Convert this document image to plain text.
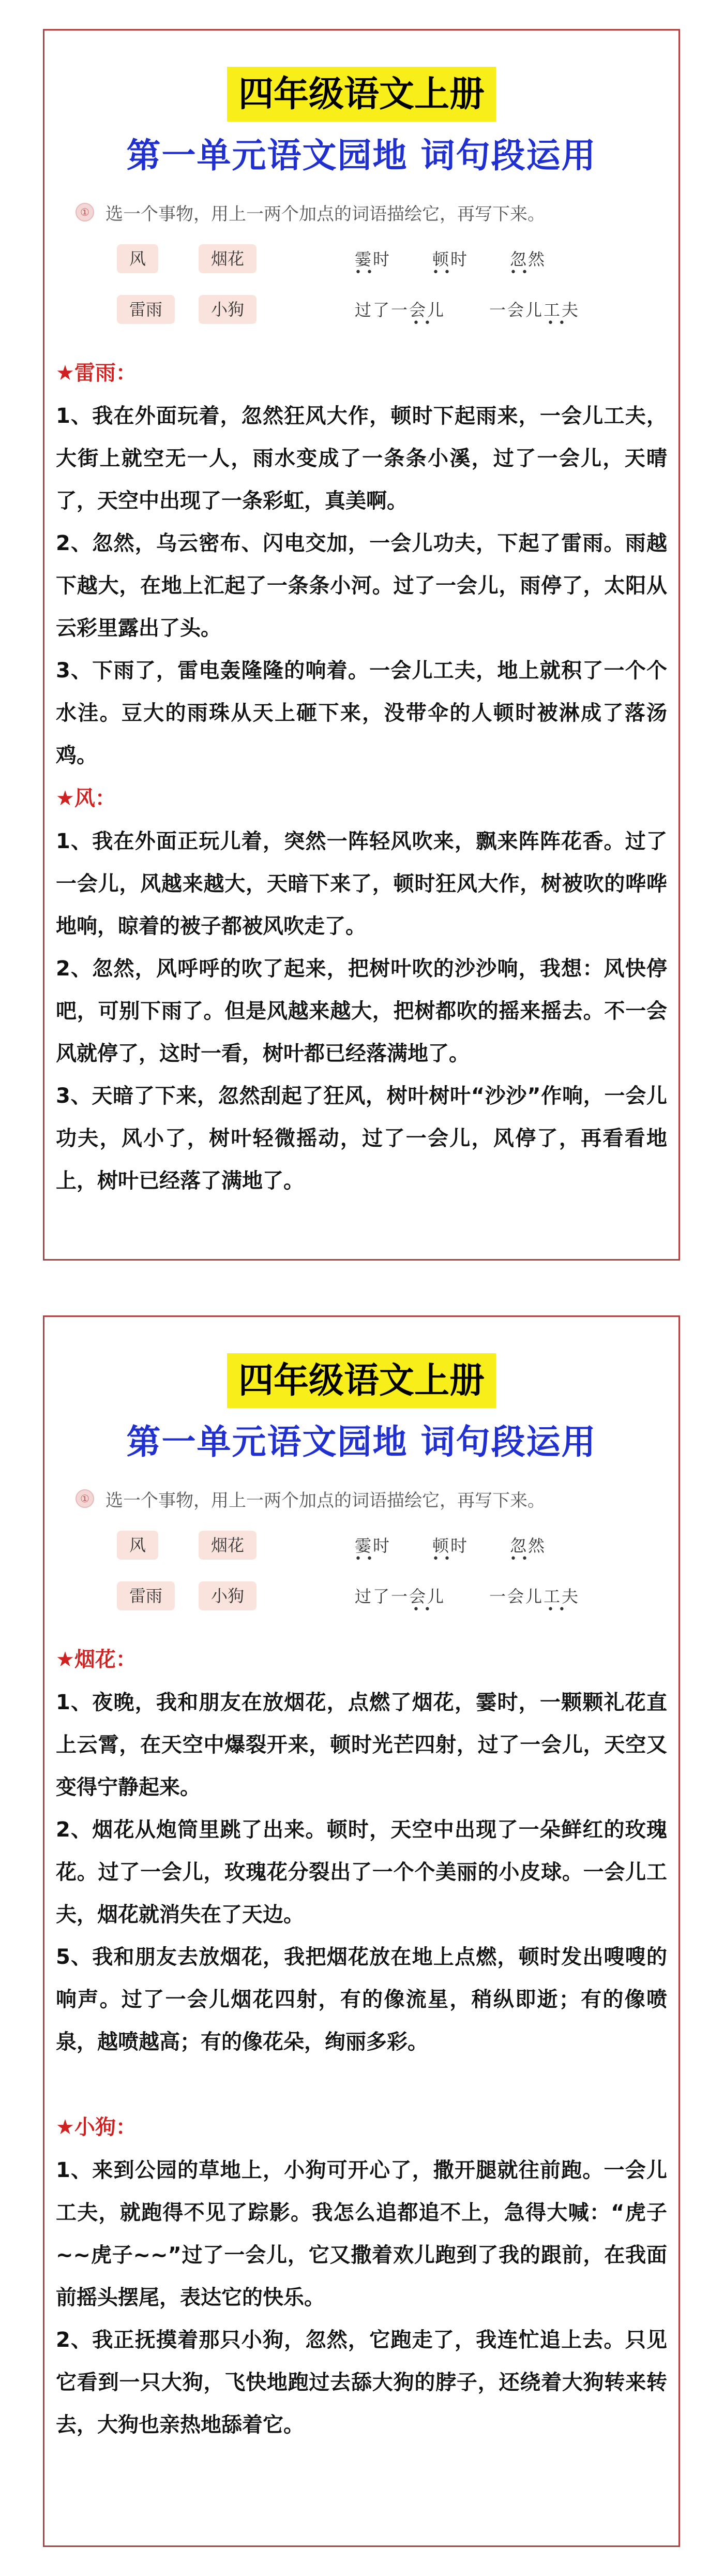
四年级语文上册
第一单元语文园地 词句段运用
① 选一个事物，用上一两个加点的词语描绘它，再写下来。
风	烟花
雷雨	小狗
霎时
••
顿时
••
忽然
••
过了一会儿
••
一会儿工夫
••

★雷雨：

1、我在外面玩着，忽然狂风大作，顿时下起雨来，一会儿工夫，大街上就空无一人，雨水变成了一条条小溪，过了一会儿，天晴了，天空中出现了一条彩虹，真美啊。

2、忽然，乌云密布、闪电交加，一会儿功夫，下起了雷雨。雨越下越大，在地上汇起了一条条小河。过了一会儿，雨停了，太阳从云彩里露出了头。

3、下雨了，雷电轰隆隆的响着。一会儿工夫，地上就积了一个个水洼。豆大的雨珠从天上砸下来，没带伞的人顿时被淋成了落汤鸡。

★风：

1、我在外面正玩儿着，突然一阵轻风吹来，飘来阵阵花香。过了一会儿，风越来越大，天暗下来了，顿时狂风大作，树被吹的哗哗地响，晾着的被子都被风吹走了。

2、忽然，风呼呼的吹了起来，把树叶吹的沙沙响，我想：风快停吧，可别下雨了。但是风越来越大，把树都吹的摇来摇去。不一会风就停了，这时一看，树叶都已经落满地了。

3、天暗了下来，忽然刮起了狂风，树叶树叶“沙沙”作响，一会儿功夫，风小了，树叶轻微摇动，过了一会儿，风停了，再看看地上，树叶已经落了满地了。

四年级语文上册
第一单元语文园地 词句段运用
① 选一个事物，用上一两个加点的词语描绘它，再写下来。
风	烟花
雷雨	小狗
霎时
••
顿时
••
忽然
••
过了一会儿
••
一会儿工夫
••

★烟花：

1、夜晚，我和朋友在放烟花，点燃了烟花，霎时，一颗颗礼花直上云霄，在天空中爆裂开来，顿时光芒四射，过了一会儿，天空又变得宁静起来。

2、烟花从炮筒里跳了出来。顿时，天空中出现了一朵鲜红的玫瑰花。过了一会儿，玫瑰花分裂出了一个个美丽的小皮球。一会儿工夫，烟花就消失在了天边。

5、我和朋友去放烟花，我把烟花放在地上点燃，顿时发出嗖嗖的响声。过了一会儿烟花四射，有的像流星，稍纵即逝；有的像喷泉，越喷越高；有的像花朵，绚丽多彩。

★小狗：

1、来到公园的草地上，小狗可开心了，撒开腿就往前跑。一会儿工夫，就跑得不见了踪影。我怎么追都追不上，急得大喊：“虎子~~虎子~~”过了一会儿，它又撒着欢儿跑到了我的跟前，在我面前摇头摆尾，表达它的快乐。

2、我正抚摸着那只小狗，忽然，它跑走了，我连忙追上去。只见它看到一只大狗，飞快地跑过去舔大狗的脖子，还绕着大狗转来转去，大狗也亲热地舔着它。
